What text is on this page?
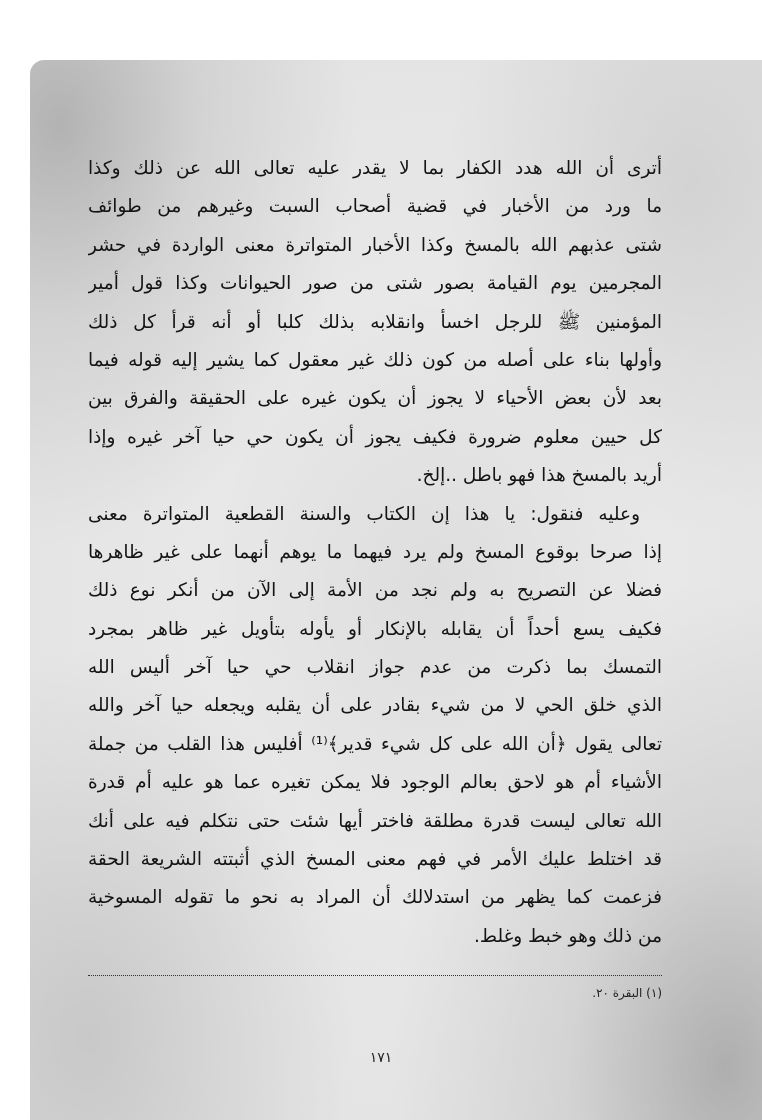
أترى أن الله هدد الكفار بما لا يقدر عليه تعالى الله عن ذلك وكذا
ما ورد من الأخبار في قضية أصحاب السبت وغيرهم من طوائف
شتى عذبهم الله بالمسخ وكذا الأخبار المتواترة معنى الواردة في حشر
المجرمين يوم القيامة بصور شتى من صور الحيوانات وكذا قول أمير
المؤمنين ﷺ للرجل اخسأ وانقلابه بذلك كلبا أو أنه قرأ كل ذلك
وأولها بناء على أصله من كون ذلك غير معقول كما يشير إليه قوله فيما
بعد لأن بعض الأحياء لا يجوز أن يكون غيره على الحقيقة والفرق بين
كل حيين معلوم ضرورة فكيف يجوز أن يكون حي حيا آخر غيره وإذا
أريد بالمسخ هذا فهو باطل ..إلخ.
وعليه فنقول: يا هذا إن الكتاب والسنة القطعية المتواترة معنى
إذا صرحا بوقوع المسخ ولم يرد فيهما ما يوهم أنهما على غير ظاهرها
فضلا عن التصريح به ولم نجد من الأمة إلى الآن من أنكر نوع ذلك
فكيف يسع أحداً أن يقابله بالإنكار أو يأوله بتأويل غير ظاهر بمجرد
التمسك بما ذكرت من عدم جواز انقلاب حي حيا آخر أليس الله
الذي خلق الحي لا من شيء بقادر على أن يقلبه ويجعله حيا آخر والله
تعالى يقول ﴿أن الله على كل شيء قدير﴾⁽¹⁾ أفليس هذا القلب من جملة
الأشياء أم هو لاحق بعالم الوجود فلا يمكن تغيره عما هو عليه أم قدرة
الله تعالى ليست قدرة مطلقة فاختر أيها شئت حتى نتكلم فيه على أنك
قد اختلط عليك الأمر في فهم معنى المسخ الذي أثبتته الشريعة الحقة
فزعمت كما يظهر من استدلالك أن المراد به نحو ما تقوله المسوخية
من ذلك وهو خبط وغلط.
(١) البقرة ٢٠.
١٧١
